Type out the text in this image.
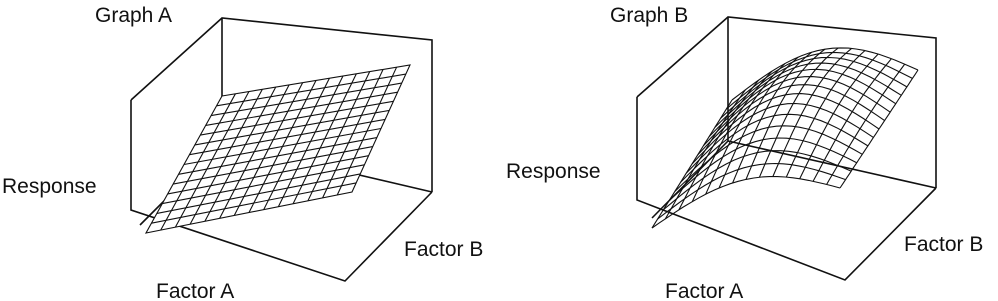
Graph A
Response
Factor A
Factor B
Graph B
Response
Factor A
Factor B
